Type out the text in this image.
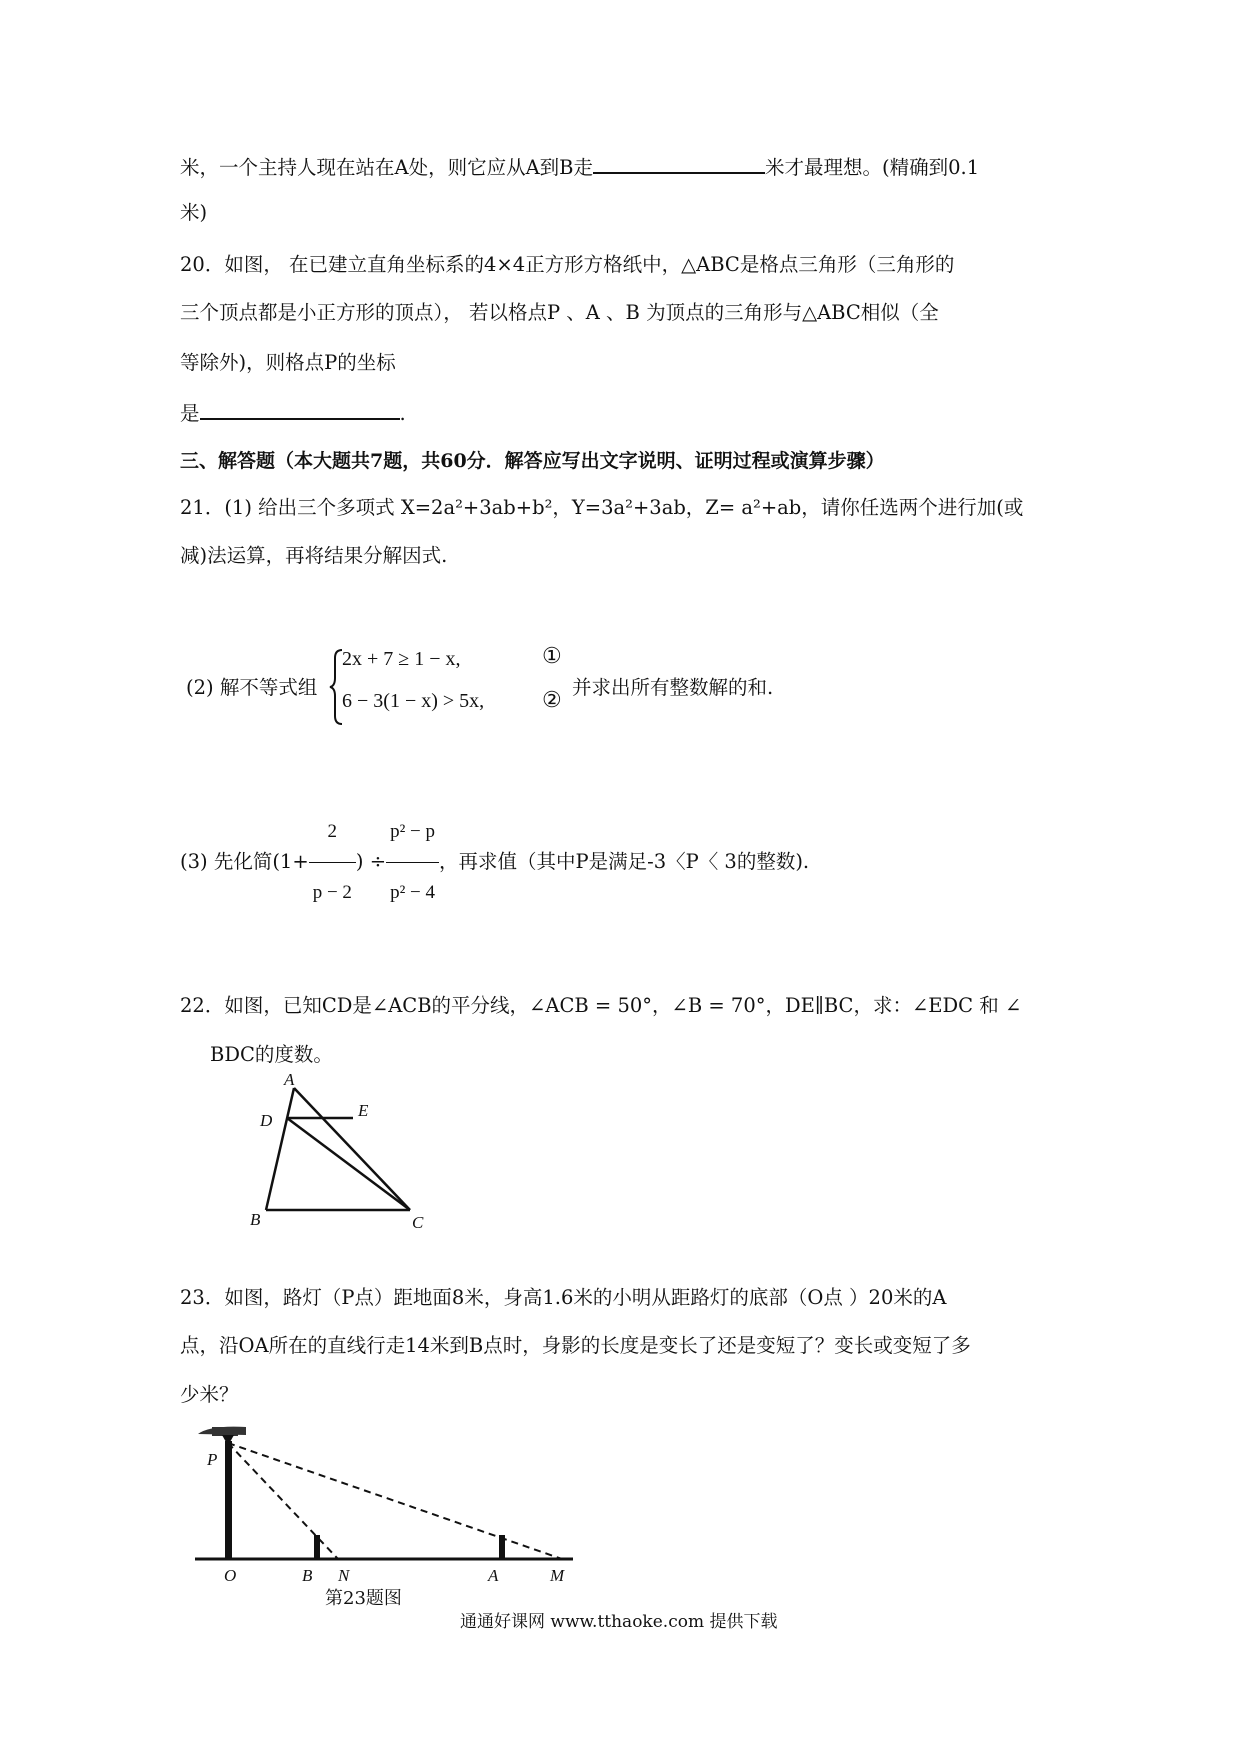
米，一个主持人现在站在A处，则它应从A到B走	米才最理想。(精确到0.1
米)
20．如图， 在已建立直角坐标系的4×4正方形方格纸中，△ABC是格点三角形（三角形的
三个顶点都是小正方形的顶点）， 若以格点P 、A 、B 为顶点的三角形与△ABC相似（全
等除外)，则格点P的坐标
是	.
三、解答题（本大题共7题，共60分．解答应写出文字说明、证明过程或演算步骤）
21．(1) 给出三个多项式 X=2a²+3ab+b²，Y=3a²+3ab，Z= a²+ab，请你任选两个进行加(或
减)法运算，再将结果分解因式.
(2) 解不等式组
2x + 7 ≥ 1 − x,
6 − 3(1 − x) > 5x,
①
②
并求出所有整数解的和.
(3) 先化简($1+ \frac{2}{p - 2}$ ) ÷ $\frac{\text{p² − p}}{\text{p² − 4}}$ ，再求值（其中P是满足-3〈P〈 3的整数).
22．如图，已知CD是∠ACB的平分线，∠ACB = 50°，∠B = 70°，DE∥BC，求：∠EDC 和 ∠
BDC的度数。
A
D
E
B	C
23．如图，路灯（P点）距地面8米，身高1.6米的小明从距路灯的底部（O点 ）20米的A
点，沿OA所在的直线行走14米到B点时，身影的长度是变长了还是变短了？变长或变短了多
少米？
P
O	B N	A	M
第23题图
通通好课网 www.tthaoke.com 提供下载
